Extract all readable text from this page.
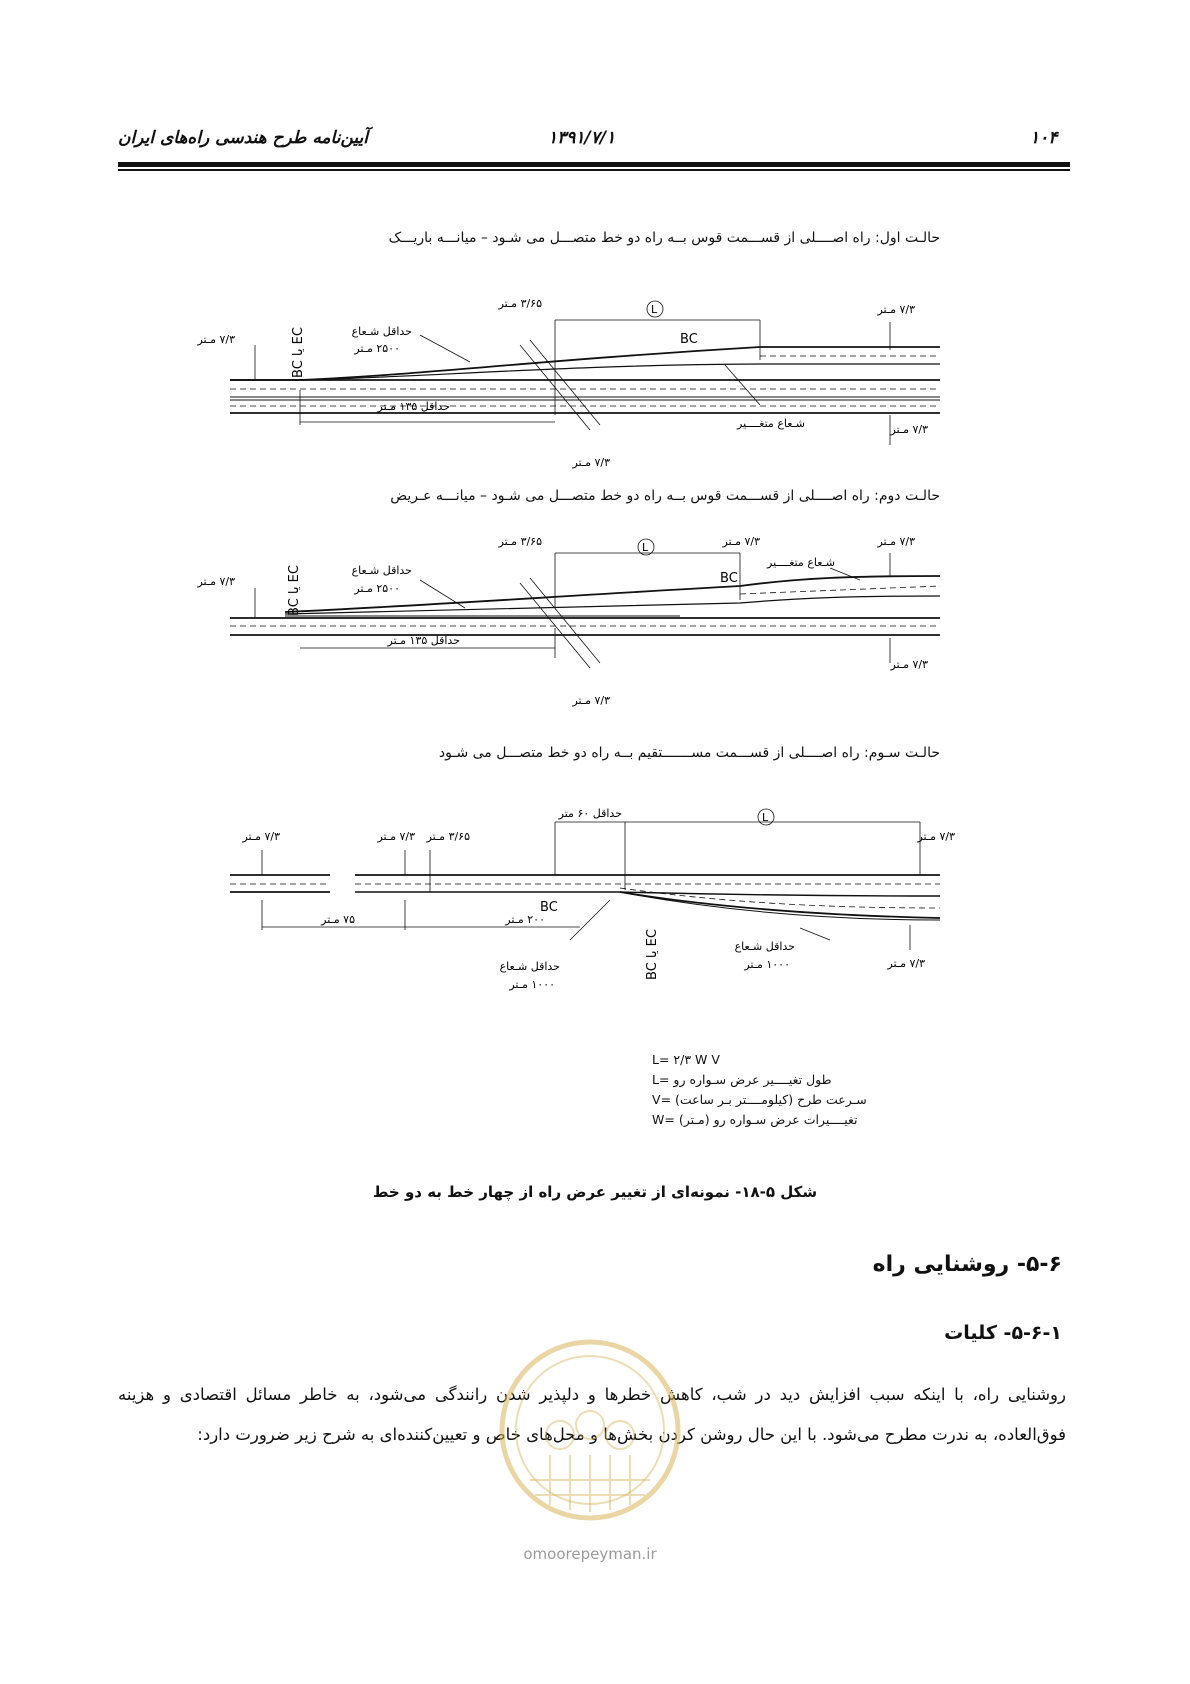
۱۰۴
۱۳۹۱/۷/۱
آیین‌نامه طرح هندسی راه‌های ایران
حالـت اول: راه اصــــلی از قســـمت قوس بــه راه دو خط متصـــل می شـود – میانـــه باریـــک
حالـت دوم: راه اصــــلی از قســـمت قوس بــه راه دو خط متصـــل می شـود – میانـــه عـریض
حالـت سـوم: راه اصــــلی از قســـمت مســـــــتقیم بــه راه دو خط متصـــل می شـود
BC یا EC
۷/۳ مـتر
حداقل شـعاع
۲۵۰۰ مـتر
۳/۶۵ مـتر
BC
L	۷/۳ مـتر
حداقل ۱۳۵ مـتر
شـعاع متغــــیر	۷/۳ مـتر
۷/۳ مـتر
BC یا EC
۷/۳ مـتر
حداقل شـعاع
۲۵۰۰ مـتر
۳/۶۵ مـتر	L	۷/۳ مـتر	۷/۳ مـتر
شـعاع متغــــیر
BC
حداقل ۱۳۵ مـتر
۷/۳ مـتر
۷/۳ مـتر
۷/۳ مـتر	۷/۳ مـتر ۳/۶۵ مـتر
حداقل ۶۰ متر	L
۷/۳ مـتر
BC
BC یا EC
۷۵ مـتر	۲۰۰ مـتر
حداقل شـعاع
۱۰۰۰ مـتر
حداقل شـعاع
۱۰۰۰ مـتر	۷/۳ مـتر
L= ۲/۳ W V
طول تغیــــیر عرض سـواره رو =L
سـرعت طرح (کیلومــــتر بـر ساعت) =V
تغیــــیرات عرض سـواره رو (مـتر) =W
شکل ۵-۱۸- نمونه‌ای از تغییر عرض راه از چهار خط به دو خط
۵-۶- روشنایی راه
۵-۶-۱- کلیات
روشنایی راه، با اینکه سبب افزایش دید در شب، کاهش خطرها و دلپذیر شدن رانندگی می‌شود، به خاطر مسائل اقتصادی و هزینه فوق‌العاده، به ندرت مطرح می‌شود. با این حال روشن کردن بخش‌ها و محل‌های خاص و تعیین‌کننده‌ای به شرح زیر ضرورت دارد:
omoorepeyman.ir
